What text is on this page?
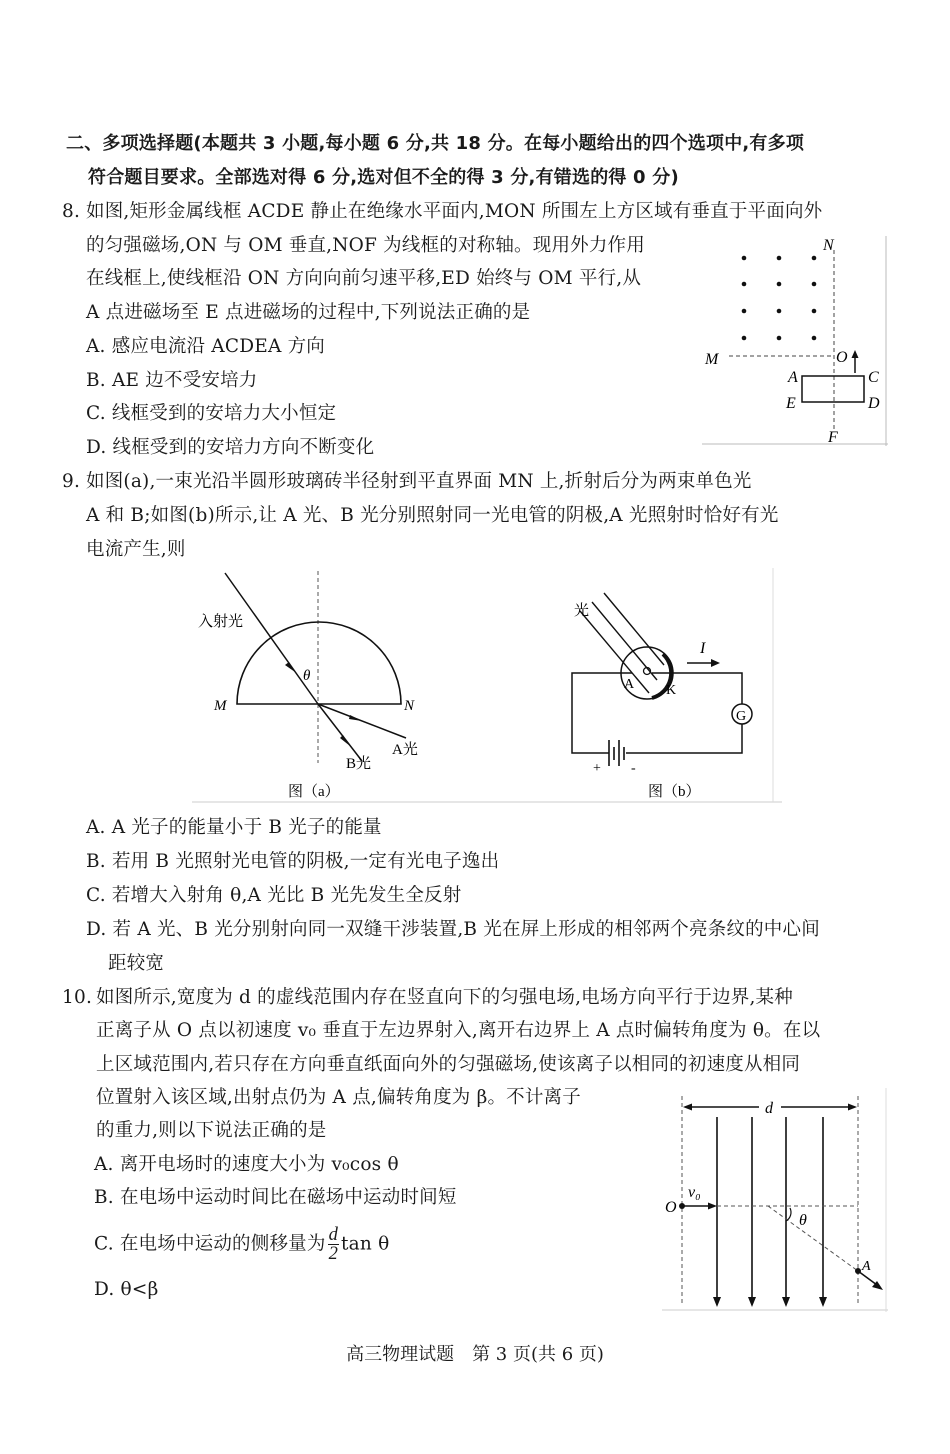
二、多项选择题(本题共 3 小题,每小题 6 分,共 18 分。在每小题给出的四个选项中,有多项
符合题目要求。全部选对得 6 分,选对但不全的得 3 分,有错选的得 0 分)
8. 如图,矩形金属线框 ACDE 静止在绝缘水平面内,MON 所围左上方区域有垂直于平面向外
的匀强磁场,ON 与 OM 垂直,NOF 为线框的对称轴。现用外力作用
在线框上,使线框沿 ON 方向向前匀速平移,ED 始终与 OM 平行,从
A 点进磁场至 E 点进磁场的过程中,下列说法正确的是
A. 感应电流沿 ACDEA 方向
B. AE 边不受安培力
C. 线框受到的安培力大小恒定
D. 线框受到的安培力方向不断变化
N
M	O
A	C
E	D
F
9. 如图(a),一束光沿半圆形玻璃砖半径射到平直界面 MN 上,折射后分为两束单色光
A 和 B;如图(b)所示,让 A 光、B 光分别照射同一光电管的阴极,A 光照射时恰好有光
电流产生,则
入射光
θ
M	N
A光
B光
图（a）
G
I
光
A K
+ -
图（b）
A. A 光子的能量小于 B 光子的能量
B. 若用 B 光照射光电管的阴极,一定有光电子逸出
C. 若增大入射角 θ,A 光比 B 光先发生全反射
D. 若 A 光、B 光分别射向同一双缝干涉装置,B 光在屏上形成的相邻两个亮条纹的中心间
距较宽
10. 如图所示,宽度为 d 的虚线范围内存在竖直向下的匀强电场,电场方向平行于边界,某种
正离子从 O 点以初速度 v₀ 垂直于左边界射入,离开右边界上 A 点时偏转角度为 θ。在以
上区域范围内,若只存在方向垂直纸面向外的匀强磁场,使该离子以相同的初速度从相同
位置射入该区域,出射点仍为 A 点,偏转角度为 β。不计离子
的重力,则以下说法正确的是
A. 离开电场时的速度大小为 v₀cos θ
B. 在电场中运动时间比在磁场中运动时间短
C. 在电场中运动的侧移量为 $\frac{d}{2}$ tan θ
D. θ<β
d
O
v₀
θ
A
高三物理试题　第 3 页(共 6 页)
